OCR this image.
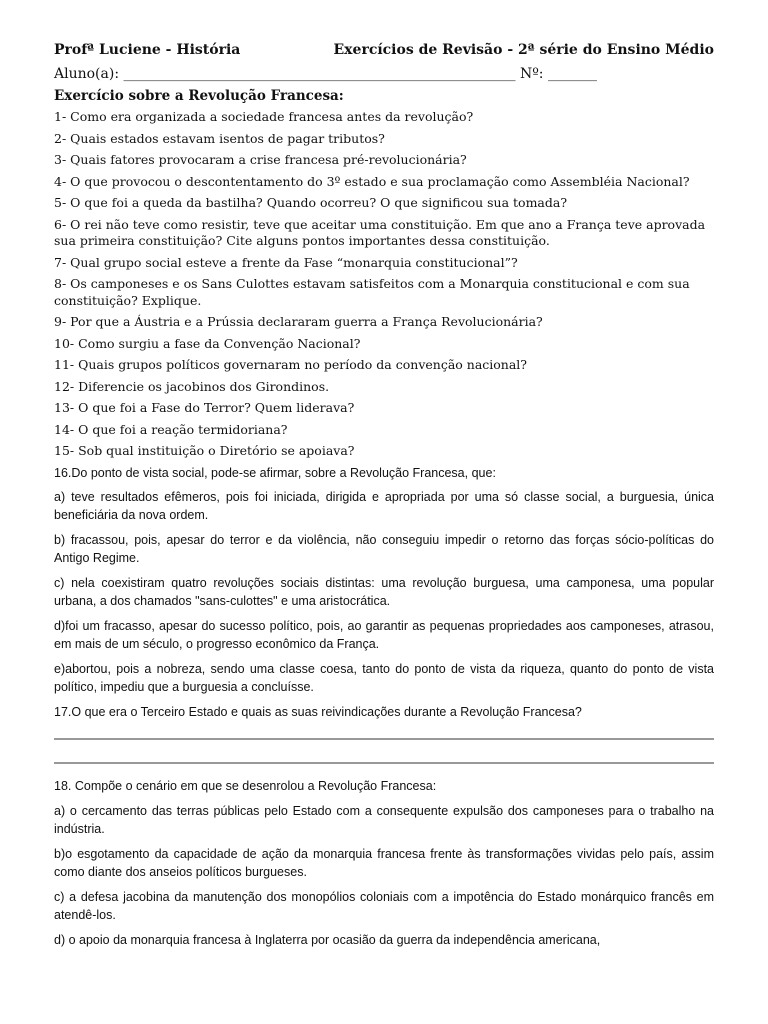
Profª Luciene - História	Exercícios de Revisão - 2ª série do Ensino Médio
Aluno(a): ________________________________________________________ Nº: _______
Exercício sobre a Revolução Francesa:
1- Como era organizada a sociedade francesa antes da revolução?
2- Quais estados estavam isentos de pagar tributos?
3- Quais fatores provocaram a crise francesa pré-revolucionária?
4- O que provocou o descontentamento do 3º estado e sua proclamação como Assembléia Nacional?
5- O que foi a queda da bastilha? Quando ocorreu? O que significou sua tomada?
6- O rei não teve como resistir, teve que aceitar uma constituição. Em que ano a França teve aprovada sua primeira constituição? Cite alguns pontos importantes dessa constituição.
7- Qual grupo social esteve a frente da Fase “monarquia constitucional”?
8- Os camponeses e os Sans Culottes estavam satisfeitos com a Monarquia constitucional e com sua constituição? Explique.
9- Por que a Áustria e a Prússia declararam guerra a França Revolucionária?
10- Como surgiu a fase da Convenção Nacional?
11- Quais grupos políticos governaram no período da convenção nacional?
12- Diferencie os jacobinos dos Girondinos.
13- O que foi a Fase do Terror? Quem liderava?
14- O que foi a reação termidoriana?
15- Sob qual instituição o Diretório se apoiava?
16.Do ponto de vista social, pode-se afirmar, sobre a Revolução Francesa, que:
a) teve resultados efêmeros, pois foi iniciada, dirigida e apropriada por uma só classe social, a burguesia, única beneficiária da nova ordem.
b) fracassou, pois, apesar do terror e da violência, não conseguiu impedir o retorno das forças sócio-políticas do Antigo Regime.
c) nela coexistiram quatro revoluções sociais distintas: uma revolução burguesa, uma camponesa, uma popular urbana, a dos chamados "sans-culottes" e uma aristocrática.
d)foi um fracasso, apesar do sucesso político, pois, ao garantir as pequenas propriedades aos camponeses, atrasou, em mais de um século, o progresso econômico da França.
e)abortou, pois a nobreza, sendo uma classe coesa, tanto do ponto de vista da riqueza, quanto do ponto de vista político, impediu que a burguesia a concluísse.
17.O que era o Terceiro Estado e quais as suas reivindicações durante a Revolução Francesa?
18. Compõe o cenário em que se desenrolou a Revolução Francesa:
a) o cercamento das terras públicas pelo Estado com a consequente expulsão dos camponeses para o trabalho na indústria.
b)o esgotamento da capacidade de ação da monarquia francesa frente às transformações vividas pelo país, assim como diante dos anseios políticos burgueses.
c) a defesa jacobina da manutenção dos monopólios coloniais com a impotência do Estado monárquico francês em atendê-los.
d) o apoio da monarquia francesa à Inglaterra por ocasião da guerra da independência americana,
